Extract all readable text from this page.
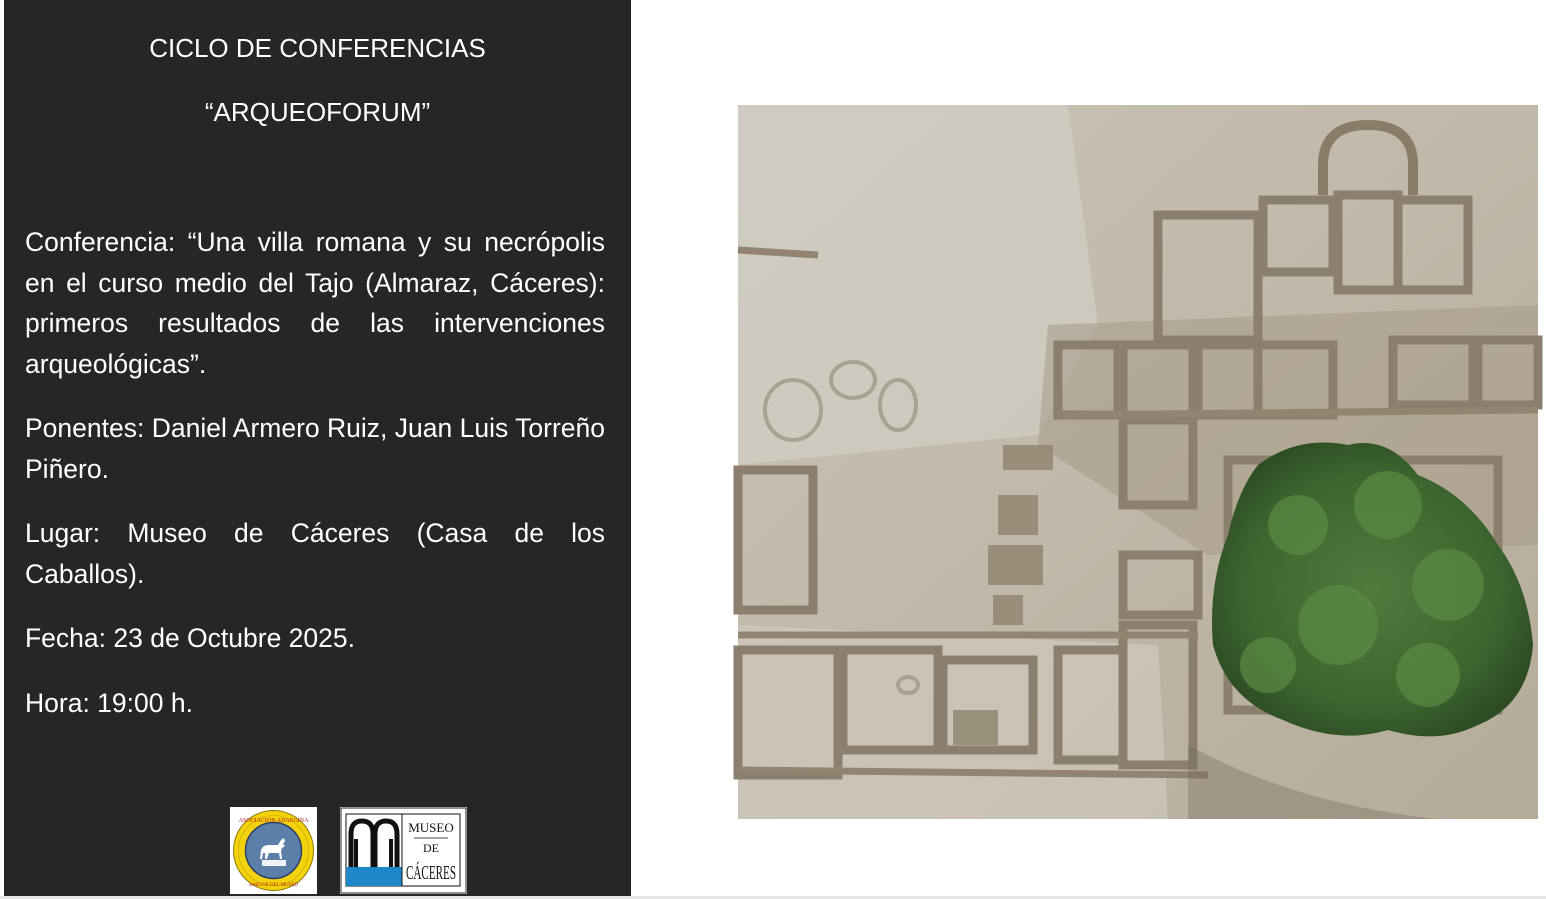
CICLO DE CONFERENCIAS
“ARQUEOFORUM”

Conferencia: “Una villa romana y su necrópolis en el curso medio del Tajo (Almaraz, Cáceres): primeros resultados de las intervenciones arqueológicas”.

Ponentes: Daniel Armero Ruiz, Juan Luis Torreño Piñero.

Lugar: Museo de Cáceres (Casa de los Caballos).

Fecha: 23 de Octubre 2025.

Hora: 19:00 h.

ASOCIACIÓN ADAEGINA
AMIGOS DEL MUSEO
MUSEO
DE
CÁCERES
